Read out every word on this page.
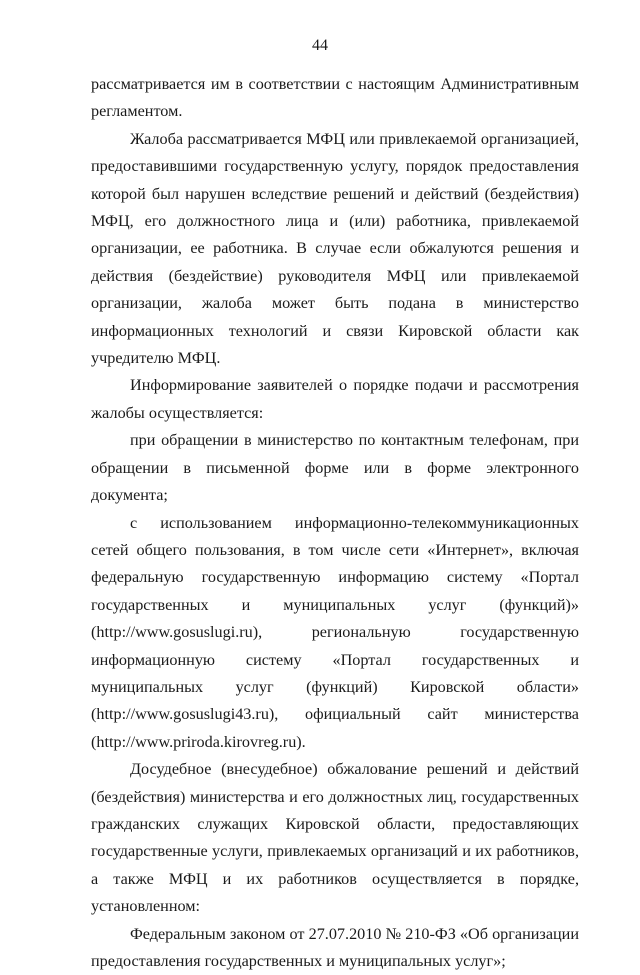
44

рассматривается им в соответствии с настоящим Административным регламентом.

Жалоба рассматривается МФЦ или привлекаемой организацией, предоставившими государственную услугу, порядок предоставления которой был нарушен вследствие решений и действий (бездействия) МФЦ, его должностного лица и (или) работника, привлекаемой организации, ее работника. В случае если обжалуются решения и действия (бездействие) руководителя МФЦ или привлекаемой организации, жалоба может быть подана в министерство информационных технологий и связи Кировской области как учредителю МФЦ.

Информирование заявителей о порядке подачи и рассмотрения жалобы осуществляется:

при обращении в министерство по контактным телефонам, при обращении в письменной форме или в форме электронного документа;

с использованием информационно-телекоммуникационных сетей общего пользования, в том числе сети «Интернет», включая федеральную государственную информацию систему «Портал государственных и муниципальных услуг (функций)» (http://www.gosuslugi.ru), региональную государственную информационную систему «Портал государственных и муниципальных услуг (функций) Кировской области» (http://www.gosuslugi43.ru), официальный сайт министерства (http://www.priroda.kirovreg.ru).

Досудебное (внесудебное) обжалование решений и действий (бездействия) министерства и его должностных лиц, государственных гражданских служащих Кировской области, предоставляющих государственные услуги, привлекаемых организаций и их работников, а также МФЦ и их работников осуществляется в порядке, установленном:

Федеральным законом от 27.07.2010 № 210-ФЗ «Об организации предоставления государственных и муниципальных услуг»;
